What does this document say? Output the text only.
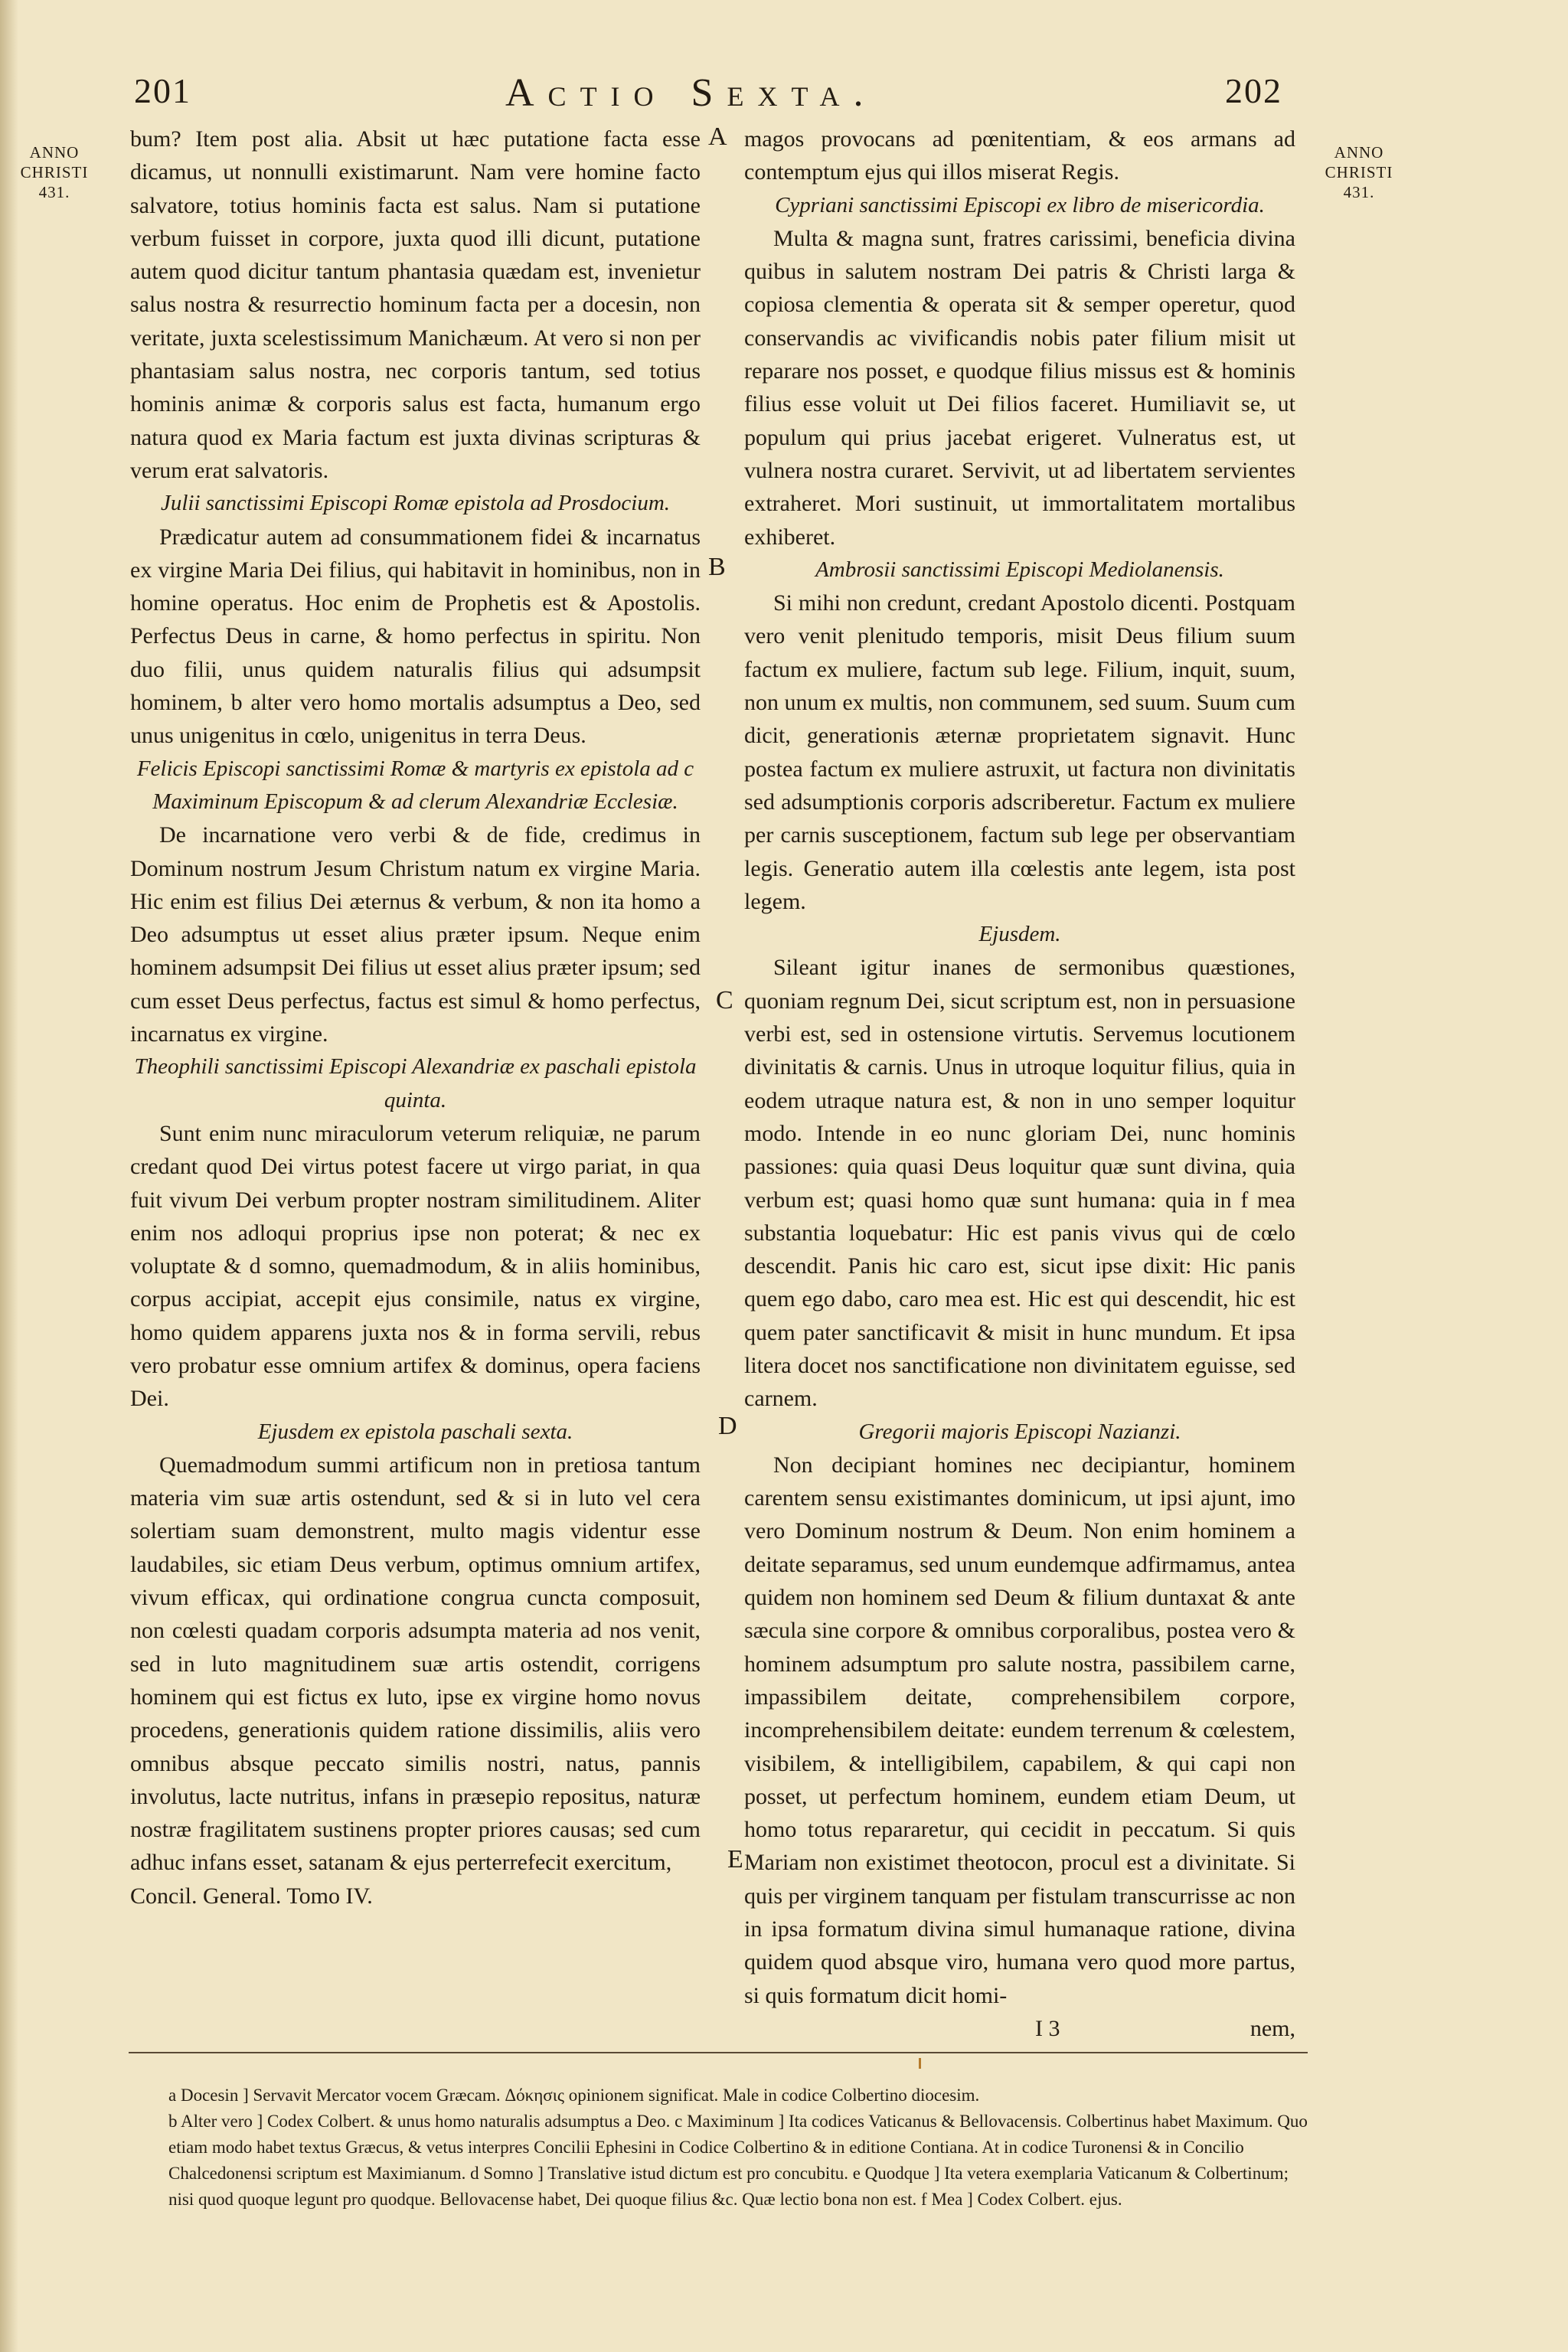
201	Actio Sexta.	202
ANNO
CHRISTI
431.
ANNO
CHRISTI
431.
A
B
C
D
E

bum? Item post alia. Absit ut hæc putatione facta esse dicamus, ut nonnulli existimarunt. Nam vere homine facto salvatore, totius hominis facta est salus. Nam si putatione verbum fuisset in corpore, juxta quod illi dicunt, putatione autem quod dicitur tantum phantasia quædam est, invenietur salus nostra & resurrectio hominum facta per a docesin, non veritate, juxta scelestissimum Manichæum. At vero si non per phantasiam salus nostra, nec corporis tantum, sed totius hominis animæ & corporis salus est facta, humanum ergo natura quod ex Maria factum est juxta divinas scripturas & verum erat salvatoris.

Julii sanctissimi Episcopi Romæ epistola ad Prosdocium.

Prædicatur autem ad consummationem fidei & incarnatus ex virgine Maria Dei filius, qui habitavit in hominibus, non in homine operatus. Hoc enim de Prophetis est & Apostolis. Perfectus Deus in carne, & homo perfectus in spiritu. Non duo filii, unus quidem naturalis filius qui adsumpsit hominem, b alter vero homo mortalis adsumptus a Deo, sed unus unigenitus in cœlo, unigenitus in terra Deus.

Felicis Episcopi sanctissimi Romæ & martyris ex epistola ad c Maximinum Episcopum & ad clerum Alexandriæ Ecclesiæ.

De incarnatione vero verbi & de fide, credimus in Dominum nostrum Jesum Christum natum ex virgine Maria. Hic enim est filius Dei æternus & verbum, & non ita homo a Deo adsumptus ut esset alius præter ipsum. Neque enim hominem adsumpsit Dei filius ut esset alius præter ipsum; sed cum esset Deus perfectus, factus est simul & homo perfectus, incarnatus ex virgine.

Theophili sanctissimi Episcopi Alexandriæ ex paschali epistola quinta.

Sunt enim nunc miraculorum veterum reliquiæ, ne parum credant quod Dei virtus potest facere ut virgo pariat, in qua fuit vivum Dei verbum propter nostram similitudinem. Aliter enim nos adloqui proprius ipse non poterat; & nec ex voluptate & d somno, quemadmodum, & in aliis hominibus, corpus accipiat, accepit ejus consimile, natus ex virgine, homo quidem apparens juxta nos & in forma servili, rebus vero probatur esse omnium artifex & dominus, opera faciens Dei.

Ejusdem ex epistola paschali sexta.

Quemadmodum summi artificum non in pretiosa tantum materia vim suæ artis ostendunt, sed & si in luto vel cera solertiam suam demonstrent, multo magis videntur esse laudabiles, sic etiam Deus verbum, optimus omnium artifex, vivum efficax, qui ordinatione congrua cuncta composuit, non cœlesti quadam corporis adsumpta materia ad nos venit, sed in luto magnitudinem suæ artis ostendit, corrigens hominem qui est fictus ex luto, ipse ex virgine homo novus procedens, generationis quidem ratione dissimilis, aliis vero omnibus absque peccato similis nostri, natus, pannis involutus, lacte nutritus, infans in præsepio repositus, naturæ nostræ fragilitatem sustinens propter priores causas; sed cum adhuc infans esset, satanam & ejus perterrefecit exercitum,

Concil. General. Tomo IV.

magos provocans ad pœnitentiam, & eos armans ad contemptum ejus qui illos miserat Regis.

Cypriani sanctissimi Episcopi ex libro de misericordia.

Multa & magna sunt, fratres carissimi, beneficia divina quibus in salutem nostram Dei patris & Christi larga & copiosa clementia & operata sit & semper operetur, quod conservandis ac vivificandis nobis pater filium misit ut reparare nos posset, e quodque filius missus est & hominis filius esse voluit ut Dei filios faceret. Humiliavit se, ut populum qui prius jacebat erigeret. Vulneratus est, ut vulnera nostra curaret. Servivit, ut ad libertatem servientes extraheret. Mori sustinuit, ut immortalitatem mortalibus exhiberet.

Ambrosii sanctissimi Episcopi Mediolanensis.

Si mihi non credunt, credant Apostolo dicenti. Postquam vero venit plenitudo temporis, misit Deus filium suum factum ex muliere, factum sub lege. Filium, inquit, suum, non unum ex multis, non communem, sed suum. Suum cum dicit, generationis æternæ proprietatem signavit. Hunc postea factum ex muliere astruxit, ut factura non divinitatis sed adsumptionis corporis adscriberetur. Factum ex muliere per carnis susceptionem, factum sub lege per observantiam legis. Generatio autem illa cœlestis ante legem, ista post legem.

Ejusdem.

Sileant igitur inanes de sermonibus quæstiones, quoniam regnum Dei, sicut scriptum est, non in persuasione verbi est, sed in ostensione virtutis. Servemus locutionem divinitatis & carnis. Unus in utroque loquitur filius, quia in eodem utraque natura est, & non in uno semper loquitur modo. Intende in eo nunc gloriam Dei, nunc hominis passiones: quia quasi Deus loquitur quæ sunt divina, quia verbum est; quasi homo quæ sunt humana: quia in f mea substantia loquebatur: Hic est panis vivus qui de cœlo descendit. Panis hic caro est, sicut ipse dixit: Hic panis quem ego dabo, caro mea est. Hic est qui descendit, hic est quem pater sanctificavit & misit in hunc mundum. Et ipsa litera docet nos sanctificatione non divinitatem eguisse, sed carnem.

Gregorii majoris Episcopi Nazianzi.

Non decipiant homines nec decipiantur, hominem carentem sensu existimantes dominicum, ut ipsi ajunt, imo vero Dominum nostrum & Deum. Non enim hominem a deitate separamus, sed unum eundemque adfirmamus, antea quidem non hominem sed Deum & filium duntaxat & ante sæcula sine corpore & omnibus corporalibus, postea vero & hominem adsumptum pro salute nostra, passibilem carne, impassibilem deitate, comprehensibilem corpore, incomprehensibilem deitate: eundem terrenum & cœlestem, visibilem, & intelligibilem, capabilem, & qui capi non posset, ut perfectum hominem, eundem etiam Deum, ut homo totus repararetur, qui cecidit in peccatum. Si quis Mariam non existimet theotocon, procul est a divinitate. Si quis per virginem tanquam per fistulam transcurrisse ac non in ipsa formatum divina simul humanaque ratione, divina quidem quod absque viro, humana vero quod more partus, si quis formatum dicit homi-

I 3	nem,

a Docesin ] Servavit Mercator vocem Græcam. Δόκησις opinionem significat. Male in codice Colbertino diocesim.

b Alter vero ] Codex Colbert. & unus homo naturalis adsumptus a Deo. c Maximinum ] Ita codices Vaticanus & Bellovacensis. Colbertinus habet Maximum. Quo etiam modo habet textus Græcus, & vetus interpres Concilii Ephesini in Codice Colbertino & in editione Contiana. At in codice Turonensi & in Concilio Chalcedonensi scriptum est Maximianum. d Somno ] Translative istud dictum est pro concubitu. e Quodque ] Ita vetera exemplaria Vaticanum & Colbertinum; nisi quod quoque legunt pro quodque. Bellovacense habet, Dei quoque filius &c. Quæ lectio bona non est. f Mea ] Codex Colbert. ejus.
